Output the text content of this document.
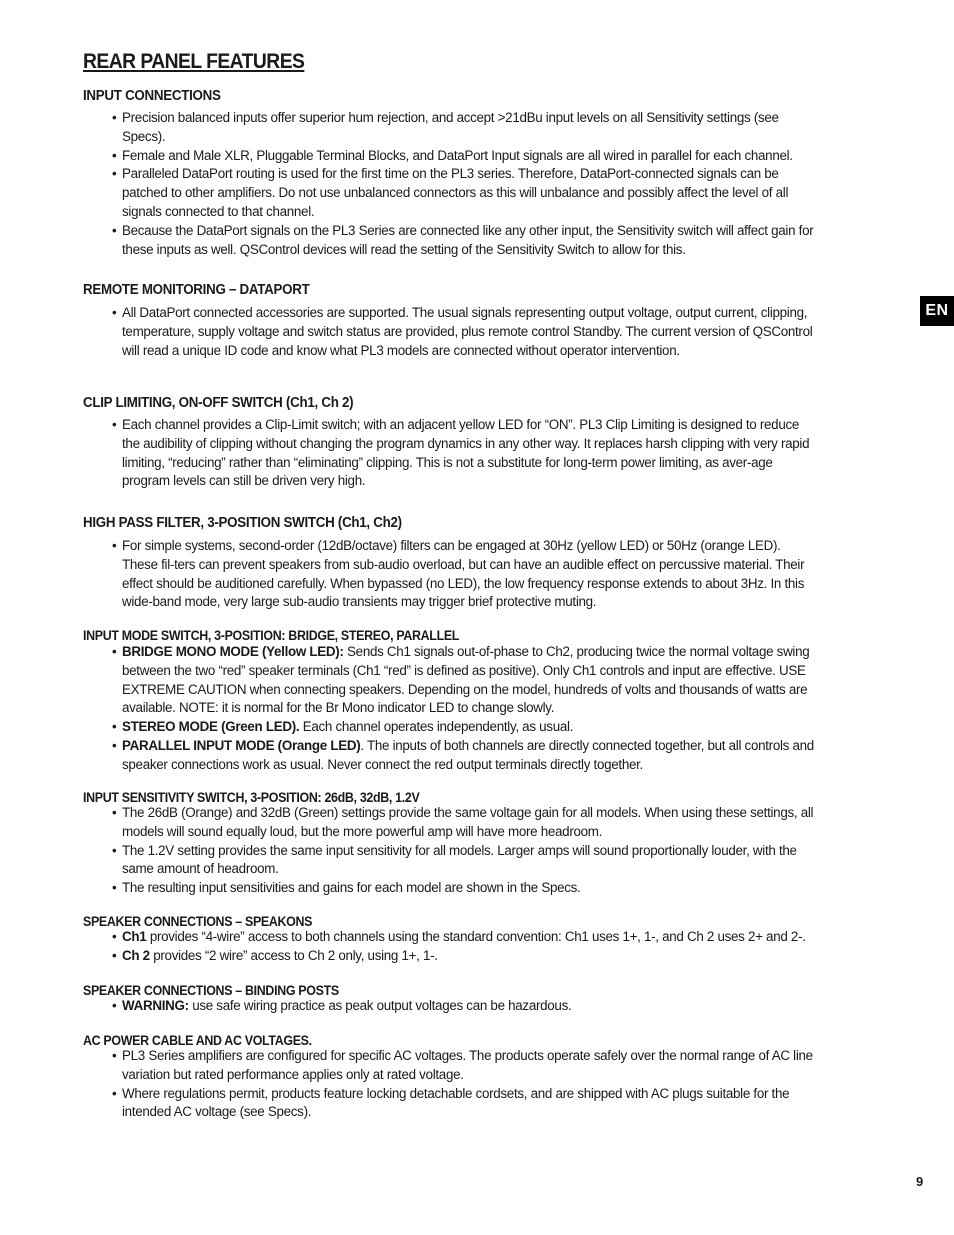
REAR PANEL FEATURES
EN
INPUT CONNECTIONS
• Precision balanced inputs offer superior hum rejection, and accept >21dBu input levels on all Sensitivity settings (see Specs).
• Female and Male XLR, Pluggable Terminal Blocks, and DataPort Input signals are all wired in parallel for each channel.
• Paralleled DataPort routing is used for the first time on the PL3 series. Therefore, DataPort-connected signals can be patched to other amplifiers. Do not use unbalanced connectors as this will unbalance and possibly affect the level of all signals connected to that channel.
• Because the DataPort signals on the PL3 Series are connected like any other input, the Sensitivity switch will affect gain for these inputs as well. QSControl devices will read the setting of the Sensitivity Switch to allow for this.
REMOTE MONITORING – DATAPORT
• All DataPort connected accessories are supported. The usual signals representing output voltage, output current, clipping, temperature, supply voltage and switch status are provided, plus remote control Standby. The current version of QSControl will read a unique ID code and know what PL3 models are connected without operator intervention.
CLIP LIMITING, ON-OFF SWITCH (Ch1, Ch 2)
• Each channel provides a Clip-Limit switch; with an adjacent yellow LED for “ON”. PL3 Clip Limiting is designed to reduce the audibility of clipping without changing the program dynamics in any other way. It replaces harsh clipping with very rapid limiting, “reducing” rather than “eliminating” clipping. This is not a substitute for long-term power limiting, as aver-age program levels can still be driven very high.
HIGH PASS FILTER, 3-POSITION SWITCH (Ch1, Ch2)
• For simple systems, second-order (12dB/octave) filters can be engaged at 30Hz (yellow LED) or 50Hz (orange LED). These fil-ters can prevent speakers from sub-audio overload, but can have an audible effect on percussive material. Their effect should be auditioned carefully. When bypassed (no LED), the low frequency response extends to about 3Hz. In this wide-band mode, very large sub-audio transients may trigger brief protective muting.
INPUT MODE SWITCH, 3-POSITION: BRIDGE, STEREO, PARALLEL
• BRIDGE MONO MODE (Yellow LED): Sends Ch1 signals out-of-phase to Ch2, producing twice the normal voltage swing between the two “red” speaker terminals (Ch1 “red” is defined as positive). Only Ch1 controls and input are effective. USE EXTREME CAUTION when connecting speakers. Depending on the model, hundreds of volts and thousands of watts are available. NOTE: it is normal for the Br Mono indicator LED to change slowly.
• STEREO MODE (Green LED). Each channel operates independently, as usual.
• PARALLEL INPUT MODE (Orange LED). The inputs of both channels are directly connected together, but all controls and speaker connections work as usual. Never connect the red output terminals directly together.
INPUT SENSITIVITY SWITCH, 3-POSITION: 26dB, 32dB, 1.2V
• The 26dB (Orange) and 32dB (Green) settings provide the same voltage gain for all models. When using these settings, all models will sound equally loud, but the more powerful amp will have more headroom.
• The 1.2V setting provides the same input sensitivity for all models. Larger amps will sound proportionally louder, with the same amount of headroom.
• The resulting input sensitivities and gains for each model are shown in the Specs.
SPEAKER CONNECTIONS – SPEAKONS
• Ch1 provides “4-wire” access to both channels using the standard convention: Ch1 uses 1+, 1-, and Ch 2 uses 2+ and 2-.
• Ch 2 provides “2 wire” access to Ch 2 only, using 1+, 1-.
SPEAKER CONNECTIONS – BINDING POSTS
• WARNING: use safe wiring practice as peak output voltages can be hazardous.
AC POWER CABLE AND AC VOLTAGES.
• PL3 Series amplifiers are configured for specific AC voltages. The products operate safely over the normal range of AC line variation but rated performance applies only at rated voltage.
• Where regulations permit, products feature locking detachable cordsets, and are shipped with AC plugs suitable for the intended AC voltage (see Specs).
9
